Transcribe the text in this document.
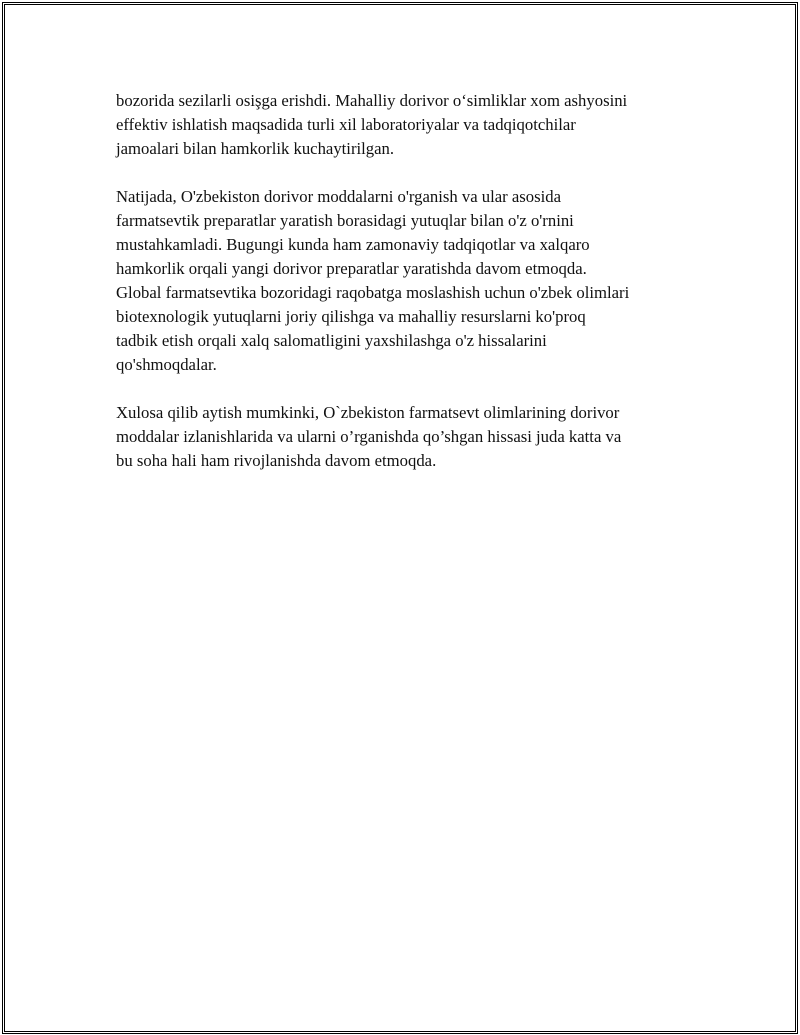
bozorida sezilarli osişga erishdi. Mahalliy dorivor o‘simliklar xom ashyosini
effektiv ishlatish maqsadida turli xil laboratoriyalar va tadqiqotchilar
jamoalari bilan hamkorlik kuchaytirilgan.
Natijada, O'zbekiston dorivor moddalarni o'rganish va ular asosida
farmatsevtik preparatlar yaratish borasidagi yutuqlar bilan o'z o'rnini
mustahkamladi. Bugungi kunda ham zamonaviy tadqiqotlar va xalqaro
hamkorlik orqali yangi dorivor preparatlar yaratishda davom etmoqda.
Global farmatsevtika bozoridagi raqobatga moslashish uchun o'zbek olimlari
biotexnologik yutuqlarni joriy qilishga va mahalliy resurslarni ko'proq
tadbik etish orqali xalq salomatligini yaxshilashga o'z hissalarini
qo'shmoqdalar.
Xulosa qilib aytish mumkinki, O`zbekiston farmatsevt olimlarining dorivor
moddalar izlanishlarida va ularni o’rganishda qo’shgan hissasi juda katta va
bu soha hali ham rivojlanishda davom etmoqda.
